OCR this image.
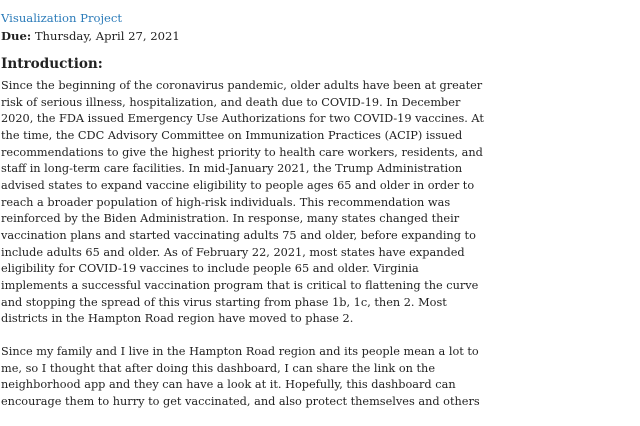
Visualization Project
Due: Thursday, April 27, 2021
Introduction:

Since the beginning of the coronavirus pandemic, older adults have been at greater
risk of serious illness, hospitalization, and death due to COVID-19. In December
2020, the FDA issued Emergency Use Authorizations for two COVID-19 vaccines. At
the time, the CDC Advisory Committee on Immunization Practices (ACIP) issued
recommendations to give the highest priority to health care workers, residents, and
staff in long-term care facilities. In mid-January 2021, the Trump Administration
advised states to expand vaccine eligibility to people ages 65 and older in order to
reach a broader population of high-risk individuals. This recommendation was
reinforced by the Biden Administration. In response, many states changed their
vaccination plans and started vaccinating adults 75 and older, before expanding to
include adults 65 and older. As of February 22, 2021, most states have expanded
eligibility for COVID-19 vaccines to include people 65 and older. Virginia
implements a successful vaccination program that is critical to flattening the curve
and stopping the spread of this virus starting from phase 1b, 1c, then 2. Most
districts in the Hampton Road region have moved to phase 2.

Since my family and I live in the Hampton Road region and its people mean a lot to
me, so I thought that after doing this dashboard, I can share the link on the
neighborhood app and they can have a look at it. Hopefully, this dashboard can
encourage them to hurry to get vaccinated, and also protect themselves and others
